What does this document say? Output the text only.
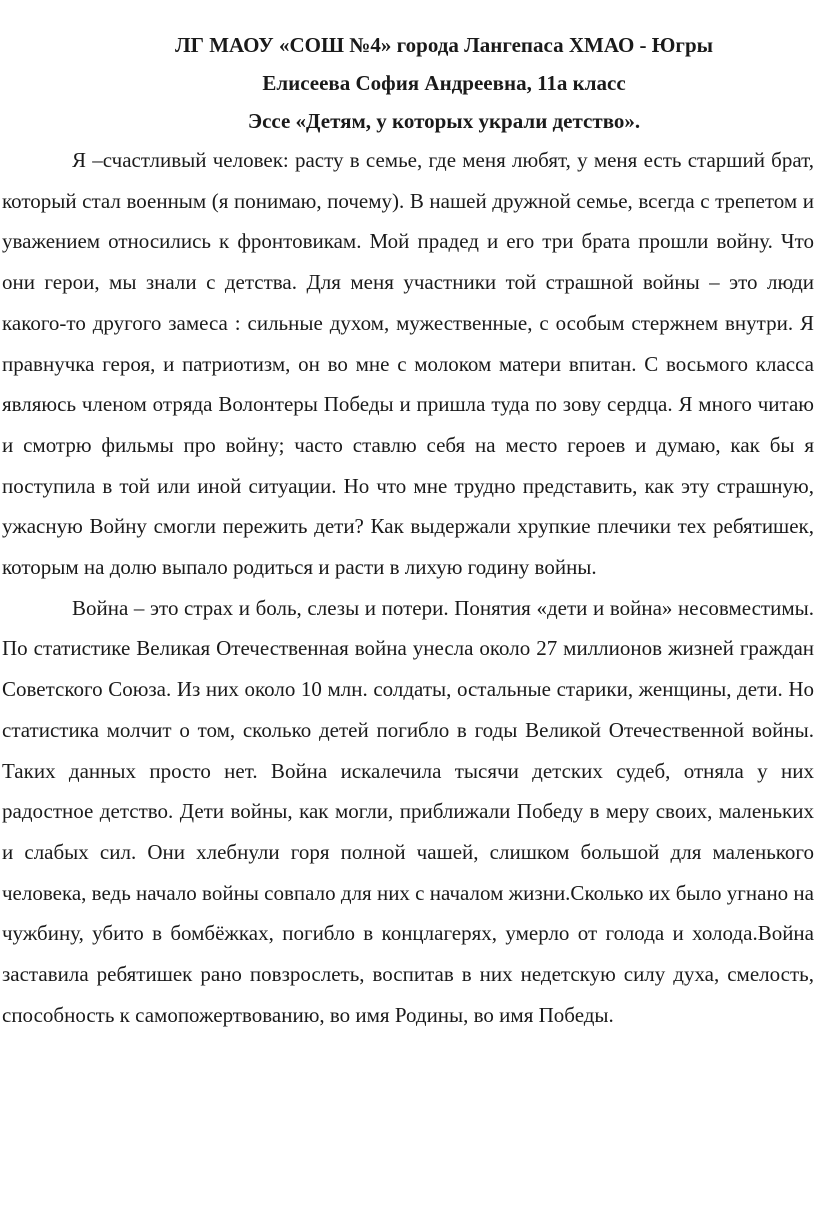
ЛГ МАОУ «СОШ №4» города Лангепаса ХМАО - Югры

Елисеева София Андреевна, 11а класс

Эссе «Детям, у которых украли детство».

Я –счастливый человек: расту в семье, где меня любят, у меня есть старший брат, который стал военным (я понимаю, почему). В нашей дружной семье, всегда с трепетом и уважением относились к фронтовикам. Мой прадед и его три брата прошли войну. Что они герои, мы знали с детства. Для меня участники той страшной войны – это люди какого-то другого замеса : сильные духом, мужественные, с особым стержнем внутри. Я правнучка героя, и патриотизм, он во мне с молоком матери впитан. С восьмого класса являюсь членом отряда Волонтеры Победы и пришла туда по зову сердца. Я много читаю и смотрю фильмы про войну; часто ставлю себя на место героев и думаю, как бы я поступила в той или иной ситуации. Но что мне трудно представить, как эту страшную, ужасную Войну смогли пережить дети? Как выдержали хрупкие плечики тех ребятишек, которым на долю выпало родиться и расти в лихую годину войны.

Война – это страх и боль, слезы и потери. Понятия «дети и война» несовместимы. По статистике Великая Отечественная война унесла около 27 миллионов жизней граждан Советского Союза. Из них около 10 млн. солдаты, остальные старики, женщины, дети. Но статистика молчит о том, сколько детей погибло в годы Великой Отечественной войны. Таких данных просто нет. Война искалечила тысячи детских судеб, отняла у них радостное детство. Дети войны, как могли, приближали Победу в меру своих, маленьких и слабых сил. Они хлебнули горя полной чашей, слишком большой для маленького человека, ведь начало войны совпало для них с началом жизни.Сколько их было угнано на чужбину, убито в бомбёжках, погибло в концлагерях, умерло от голода и холода.Война заставила ребятишек рано повзрослеть, воспитав в них недетскую силу духа, смелость, способность к самопожертвованию, во имя Родины, во имя Победы.
